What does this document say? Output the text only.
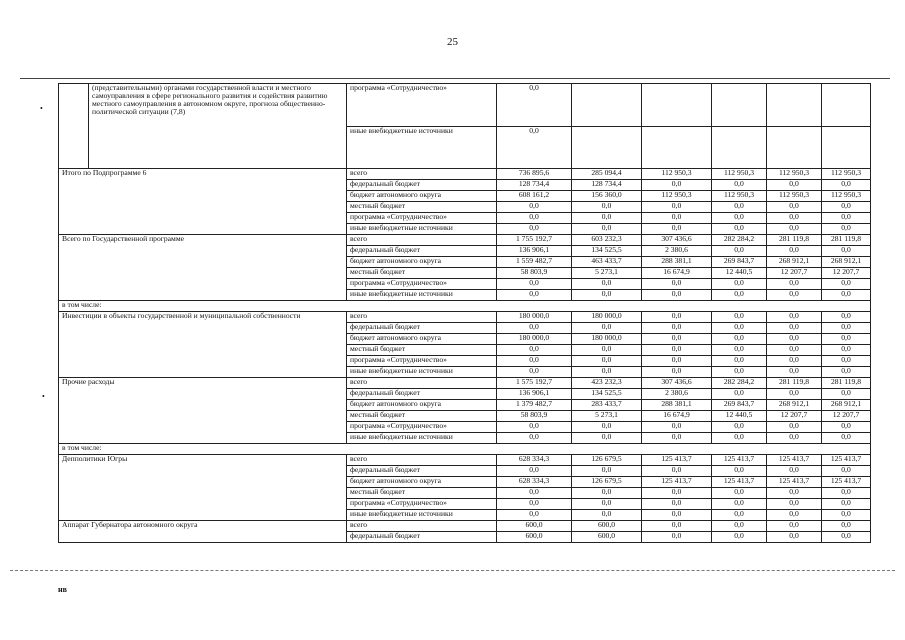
25
•
•
	(представительными) органами государственной власти и местного самоуправления в сфере регионального развития и содействия развитию местного самоуправления в автономном округе, прогноза общественно-политической ситуации (7,8)	программа «Сотрудничество»	0,0					
		иные внебюджетные источники	0,0					
Итого по Подпрограмме 6		всего	736 895,6	285 094,4	112 950,3	112 950,3	112 950,3	112 950,3
		федеральный бюджет	128 734,4	128 734,4	0,0	0,0	0,0	0,0
		бюджет автономного округа	608 161,2	156 360,0	112 950,3	112 950,3	112 950,3	112 950,3
		местный бюджет	0,0	0,0	0,0	0,0	0,0	0,0
		программа «Сотрудничество»	0,0	0,0	0,0	0,0	0,0	0,0
		иные внебюджетные источники	0,0	0,0	0,0	0,0	0,0	0,0
Всего по Государственной программе		всего	1 755 192,7	603 232,3	307 436,6	282 284,2	281 119,8	281 119,8
		федеральный бюджет	136 906,1	134 525,5	2 380,6	0,0	0,0	0,0
		бюджет автономного округа	1 559 482,7	463 433,7	288 381,1	269 843,7	268 912,1	268 912,1
		местный бюджет	58 803,9	5 273,1	16 674,9	12 440,5	12 207,7	12 207,7
		программа «Сотрудничество»	0,0	0,0	0,0	0,0	0,0	0,0
		иные внебюджетные источники	0,0	0,0	0,0	0,0	0,0	0,0
в том числе:								
Инвестиции в объекты государственной и муниципальной собственности		всего	180 000,0	180 000,0	0,0	0,0	0,0	0,0
		федеральный бюджет	0,0	0,0	0,0	0,0	0,0	0,0
		бюджет автономного округа	180 000,0	180 000,0	0,0	0,0	0,0	0,0
		местный бюджет	0,0	0,0	0,0	0,0	0,0	0,0
		программа «Сотрудничество»	0,0	0,0	0,0	0,0	0,0	0,0
		иные внебюджетные источники	0,0	0,0	0,0	0,0	0,0	0,0
Прочие расходы		всего	1 575 192,7	423 232,3	307 436,6	282 284,2	281 119,8	281 119,8
		федеральный бюджет	136 906,1	134 525,5	2 380,6	0,0	0,0	0,0
		бюджет автономного округа	1 379 482,7	283 433,7	288 381,1	269 843,7	268 912,1	268 912,1
		местный бюджет	58 803,9	5 273,1	16 674,9	12 440,5	12 207,7	12 207,7
		программа «Сотрудничество»	0,0	0,0	0,0	0,0	0,0	0,0
		иные внебюджетные источники	0,0	0,0	0,0	0,0	0,0	0,0
в том числе:								
Депполитики Югры		всего	628 334,3	126 679,5	125 413,7	125 413,7	125 413,7	125 413,7
		федеральный бюджет	0,0	0,0	0,0	0,0	0,0	0,0
		бюджет автономного округа	628 334,3	126 679,5	125 413,7	125 413,7	125 413,7	125 413,7
		местный бюджет	0,0	0,0	0,0	0,0	0,0	0,0
		программа «Сотрудничество»	0,0	0,0	0,0	0,0	0,0	0,0
		иные внебюджетные источники	0,0	0,0	0,0	0,0	0,0	0,0
Аппарат Губернатора автономного округа		всего	600,0	600,0	0,0	0,0	0,0	0,0
		федеральный бюджет	600,0	600,0	0,0	0,0	0,0	0,0
нв
